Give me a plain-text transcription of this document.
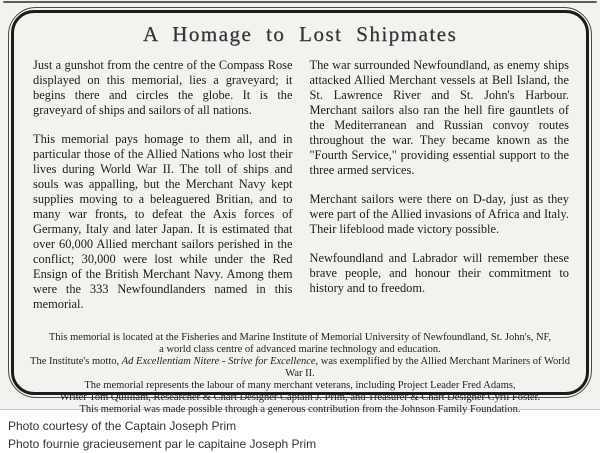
A Homage to Lost Shipmates

Just a gunshot from the centre of the Compass Rose displayed on this memorial, lies a graveyard; it begins there and circles the globe. It is the graveyard of ships and sailors of all nations.

This memorial pays homage to them all, and in particular those of the Allied Nations who lost their lives during World War II. The toll of ships and souls was appalling, but the Merchant Navy kept supplies moving to a beleaguered Britian, and to many war fronts, to defeat the Axis forces of Germany, Italy and later Japan. It is estimated that over 60,000 Allied merchant sailors perished in the conflict; 30,000 were lost while under the Red Ensign of the British Merchant Navy. Among them were the 333 Newfoundlanders named in this memorial.

The war surrounded Newfoundland, as enemy ships attacked Allied Merchant vessels at Bell Island, the St. Lawrence River and St. John's Harbour. Merchant sailors also ran the hell fire gauntlets of the Mediterranean and Russian convoy routes throughout the war. They became known as the "Fourth Service," providing essential support to the three armed services.

Merchant sailors were there on D-day, just as they were part of the Allied invasions of Africa and Italy. Their lifeblood made victory possible.

Newfoundland and Labrador will remember these brave people, and honour their commitment to history and to freedom.

This memorial is located at the Fisheries and Marine Institute of Memorial University of Newfoundland, St. John's, NF,
a world class centre of advanced marine technology and education.
The Institute's motto, Ad Excellentiam Nitere - Strive for Excellence, was exemplified by the Allied Merchant Mariners of World War II.
The memorial represents the labour of many merchant veterans, including Project Leader Fred Adams,
Writer Tom Quilliam, Researcher & Chart Designer Captain J. Prim, and Treasurer & Chart Designer Cyril Foster.
This memorial was made possible through a generous contribution from the Johnson Family Foundation.
Photo courtesy of the Captain Joseph Prim
Photo fournie gracieusement par le capitaine Joseph Prim
